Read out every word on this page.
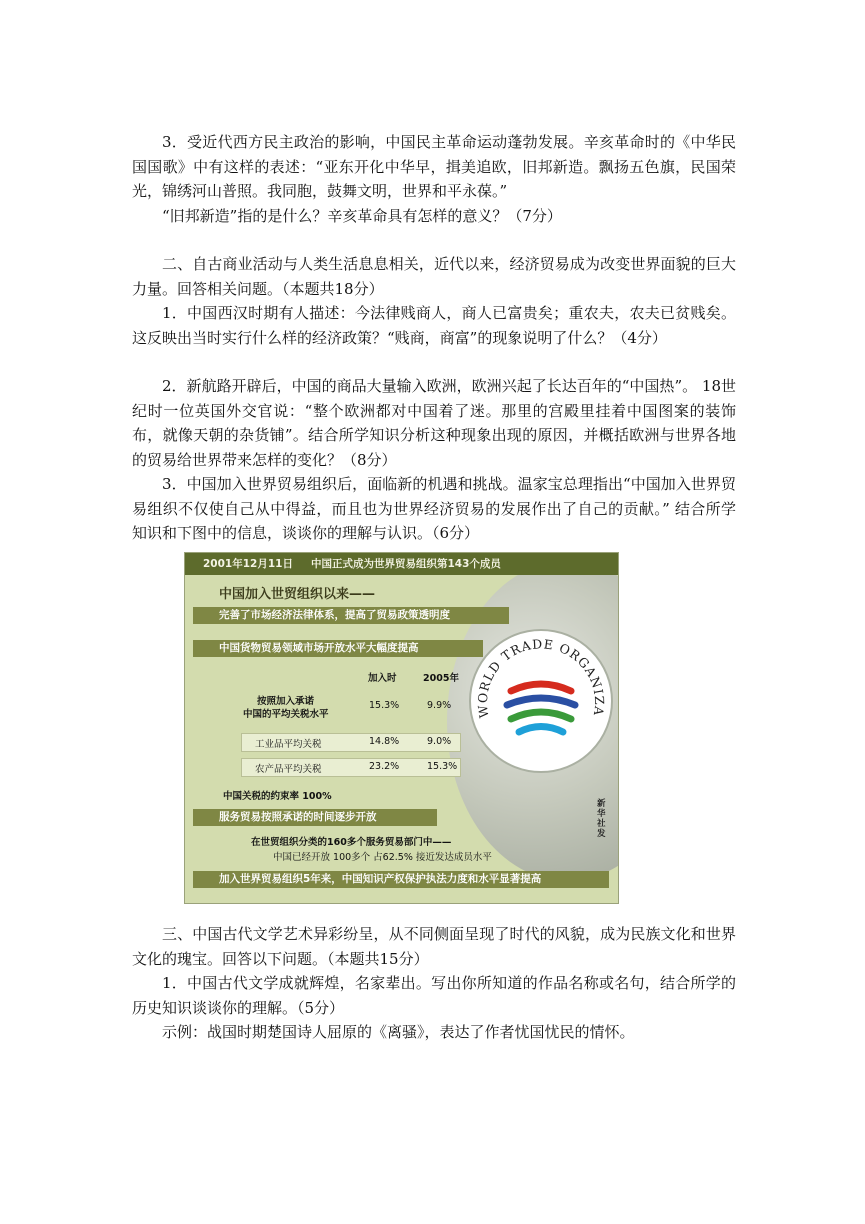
3．受近代西方民主政治的影响，中国民主革命运动蓬勃发展。辛亥革命时的《中华民国国歌》中有这样的表述：“亚东开化中华早，揖美追欧，旧邦新造。飘扬五色旗，民国荣光，锦绣河山普照。我同胞，鼓舞文明，世界和平永葆。”

“旧邦新造”指的是什么？辛亥革命具有怎样的意义？（7分）

二、自古商业活动与人类生活息息相关，近代以来，经济贸易成为改变世界面貌的巨大力量。回答相关问题。（本题共18分）

1．中国西汉时期有人描述：今法律贱商人，商人已富贵矣；重农夫，农夫已贫贱矣。这反映出当时实行什么样的经济政策？“贱商，商富”的现象说明了什么？（4分）

2．新航路开辟后，中国的商品大量输入欧洲，欧洲兴起了长达百年的“中国热”。 18世纪时一位英国外交官说：“整个欧洲都对中国着了迷。那里的宫殿里挂着中国图案的装饰布，就像天朝的杂货铺”。结合所学知识分析这种现象出现的原因，并概括欧洲与世界各地的贸易给世界带来怎样的变化？（8分）

3．中国加入世界贸易组织后，面临新的机遇和挑战。温家宝总理指出“中国加入世界贸易组织不仅使自己从中得益，而且也为世界经济贸易的发展作出了自己的贡献。” 结合所学知识和下图中的信息，谈谈你的理解与认识。（6分）

WORLD TRADE ORGANIZA
2001年12月11日 中国正式成为世界贸易组织第143个成员
中国加入世贸组织以来——
完善了市场经济法律体系，提高了贸易政策透明度
中国货物贸易领域市场开放水平大幅度提高
加入时	2005年
按照加入承诺
中国的平均关税水平
15.3%	9.9%
工业品平均关税	14.8%	9.0%
农产品平均关税	23.2%	15.3%
中国关税的约束率 100%
服务贸易按照承诺的时间逐步开放
在世贸组织分类的160多个服务贸易部门中——
中国已经开放 100多个 占62.5% 接近发达成员水平
加入世界贸易组织5年来，中国知识产权保护执法力度和水平显著提高
新华社发

三、中国古代文学艺术异彩纷呈，从不同侧面呈现了时代的风貌，成为民族文化和世界文化的瑰宝。回答以下问题。（本题共15分）

1．中国古代文学成就辉煌，名家辈出。写出你所知道的作品名称或名句，结合所学的历史知识谈谈你的理解。（5分）

示例：战国时期楚国诗人屈原的《离骚》，表达了作者忧国忧民的情怀。
